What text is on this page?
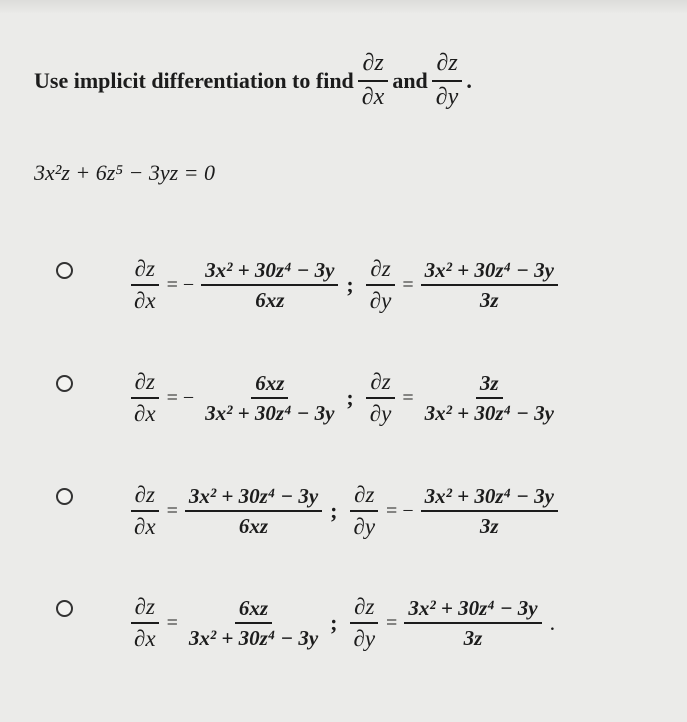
Use implicit differentiation to find $\frac{\partial z}{\partial x}$ and $\frac{\partial z}{\partial y}$ .
3x²z + 6z⁵ − 3yz = 0
$\frac{\partial z}{\partial x}$ = − $\frac{\text{3x² + 30z⁴ − 3y}}{6xz}$ ; $\frac{\partial z}{\partial y} = \frac{\text{3x² + 30z⁴ − 3y}}{3z}$
$\frac{\partial z}{\partial x}$ = − $\frac{6xz}{\text{3x² + 30z⁴ − 3y}}$ ; $\frac{\partial z}{\partial y} = \frac{3z}{\text{3x² + 30z⁴ − 3y}}$
$\frac{\partial z}{\partial x} = \frac{\text{3x² + 30z⁴ − 3y}}{6xz}$ ; $\frac{\partial z}{\partial y}$ = − $\frac{\text{3x² + 30z⁴ − 3y}}{3z}$
$\frac{\partial z}{\partial x} = \frac{6xz}{\text{3x² + 30z⁴ − 3y}}$ ; $\frac{\partial z}{\partial y} = \frac{\text{3x² + 30z⁴ − 3y}}{3z}$ .
